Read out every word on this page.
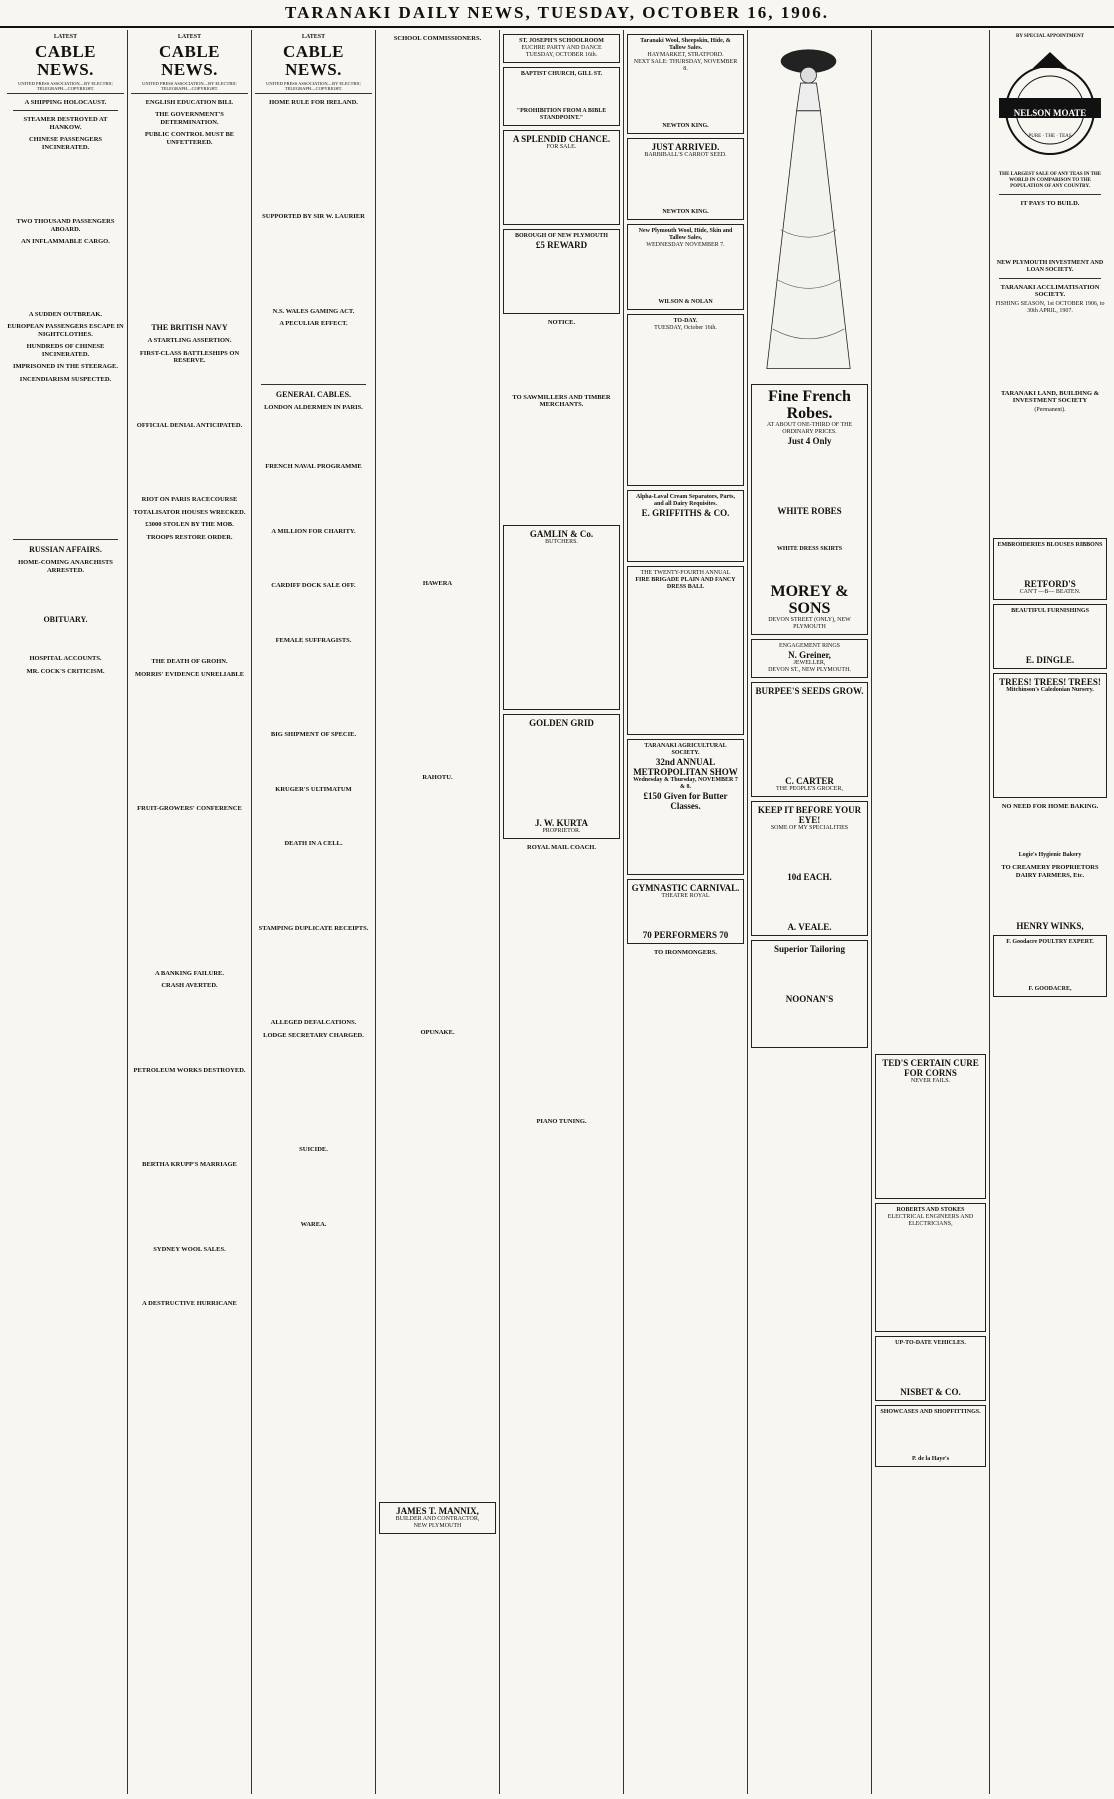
TARANAKI DAILY NEWS, TUESDAY, OCTOBER 16, 1906.
LATEST
CABLE NEWS.
UNITED PRESS ASSOCIATION—BY ELECTRIC TELEGRAPH—COPYRIGHT.
A SHIPPING HOLOCAUST.
STEAMER DESTROYED AT HANKOW.
CHINESE PASSENGERS INCINERATED.
TWO THOUSAND PASSENGERS ABOARD.
AN INFLAMMABLE CARGO.
A SUDDEN OUTBREAK.
EUROPEAN PASSENGERS ESCAPE IN NIGHTCLOTHES.
HUNDREDS OF CHINESE INCINERATED.
IMPRISONED IN THE STEERAGE.
INCENDIARISM SUSPECTED.
RUSSIAN AFFAIRS.
HOME-COMING ANARCHISTS ARRESTED.
OBITUARY.
HOSPITAL ACCOUNTS.
MR. COCK'S CRITICISM.
LATEST
CABLE NEWS.
UNITED PRESS ASSOCIATION—BY ELECTRIC TELEGRAPH—COPYRIGHT.
ENGLISH EDUCATION BILL
THE GOVERNMENT'S DETERMINATION.
PUBLIC CONTROL MUST BE UNFETTERED.
THE BRITISH NAVY
A STARTLING ASSERTION.
FIRST-CLASS BATTLESHIPS ON RESERVE.
OFFICIAL DENIAL ANTICIPATED.
RIOT ON PARIS RACECOURSE
TOTALISATOR HOUSES WRECKED.
£3000 STOLEN BY THE MOB.
TROOPS RESTORE ORDER.
THE DEATH OF GROHN.
MORRIS' EVIDENCE UNRELIABLE
FRUIT-GROWERS' CONFERENCE
A BANKING FAILURE.
CRASH AVERTED.
PETROLEUM WORKS DESTROYED.
BERTHA KRUPP'S MARRIAGE
SYDNEY WOOL SALES.
A DESTRUCTIVE HURRICANE
LATEST
CABLE NEWS.
UNITED PRESS ASSOCIATION—BY ELECTRIC TELEGRAPH—COPYRIGHT.
HOME RULE FOR IRELAND.
SUPPORTED BY SIR W. LAURIER
N.S. WALES GAMING ACT.
A PECULIAR EFFECT.
GENERAL CABLES.
LONDON ALDERMEN IN PARIS.
FRENCH NAVAL PROGRAMME
A MILLION FOR CHARITY.
CARDIFF DOCK SALE OFF.
FEMALE SUFFRAGISTS.
BIG SHIPMENT OF SPECIE.
KRUGER'S ULTIMATUM
DEATH IN A CELL.
STAMPING DUPLICATE RECEIPTS.
ALLEGED DEFALCATIONS.
LODGE SECRETARY CHARGED.
SUICIDE.
WAREA.
SCHOOL COMMISSIONERS.
HAWERA
RAHOTU.
OPUNAKE.
JAMES T. MANNIX,
BUILDER AND CONTRACTOR,
NEW PLYMOUTH
ST. JOSEPH'S SCHOOLROOM
EUCHRE PARTY AND DANCE
TUESDAY, OCTOBER 16th.
BAPTIST CHURCH, GILL ST.
"PROHIBITION FROM A BIBLE STANDPOINT."
A SPLENDID CHANCE.
FOR SALE.
BOROUGH OF NEW PLYMOUTH
£5 REWARD
NOTICE.
TO SAWMILLERS AND TIMBER MERCHANTS.
GAMLIN & Co.
BUTCHERS.
GOLDEN GRID
J. W. KURTA
PROPRIETOR.
ROYAL MAIL COACH.
PIANO TUNING.
Taranaki Wool, Sheepskin, Hide, & Tallow Sales.
HAYMARKET, STRATFORD.
NEXT SALE: THURSDAY, NOVEMBER 8.
NEWTON KING.
JUST ARRIVED.
BARBIBALL'S CARROT SEED.
NEWTON KING.
New Plymouth Wool, Hide, Skin and Tallow Sales,
WEDNESDAY NOVEMBER 7.
WILSON & NOLAN
TO-DAY.
TUESDAY, October 16th.
Alpha-Laval Cream Separators, Parts, and all Dairy Requisites.
E. GRIFFITHS & CO.
THE TWENTY-FOURTH ANNUAL
FIRE BRIGADE PLAIN AND FANCY DRESS BALL
TARANAKI AGRICULTURAL SOCIETY.
32nd ANNUAL METROPOLITAN SHOW
Wednesday & Thursday, NOVEMBER 7 & 8.
£150 Given for Butter Classes.
GYMNASTIC CARNIVAL.
THEATRE ROYAL
70 PERFORMERS 70
TO IRONMONGERS.
Fine French Robes.
AT ABOUT ONE-THIRD OF THE ORDINARY PRICES.
Just 4 Only
WHITE ROBES
WHITE DRESS SKIRTS
MOREY & SONS
DEVON STREET (ONLY), NEW PLYMOUTH
ENGAGEMENT RINGS
N. Greiner,
JEWELLER,
DEVON ST., NEW PLYMOUTH.
BURPEE'S SEEDS GROW.
C. CARTER
THE PEOPLE'S GROCER,
KEEP IT BEFORE YOUR EYE!
SOME OF MY SPECIALITIES
10d EACH.
A. VEALE.
Superior Tailoring
NOONAN'S
TED'S CERTAIN CURE FOR CORNS
NEVER FAILS.
ROBERTS AND STOKES
ELECTRICAL ENGINEERS AND ELECTRICIANS,
UP-TO-DATE VEHICLES.
NISBET & CO.
SHOWCASES AND SHOPFITTINGS.
P. de la Haye's
BY SPECIAL APPOINTMENT
NELSON MOATE
PURE · THE · TEAS
THE LARGEST SALE OF ANY TEAS IN THE WORLD IN COMPARISON TO THE POPULATION OF ANY COUNTRY.
IT PAYS TO BUILD.
NEW PLYMOUTH INVESTMENT AND LOAN SOCIETY.
TARANAKI ACCLIMATISATION SOCIETY.
FISHING SEASON, 1st OCTOBER 1906, to 30th APRIL, 1907.
TARANAKI LAND, BUILDING & INVESTMENT SOCIETY
(Permanent).
EMBROIDERIES BLOUSES RIBBONS
RETFORD'S
CAN'T —B— BEATEN.
BEAUTIFUL FURNISHINGS
E. DINGLE.
TREES! TREES! TREES!
Mitchinson's Caledonian Nursery.
NO NEED FOR HOME BAKING.
Logie's Hygienic Bakery
TO CREAMERY PROPRIETORS DAIRY FARMERS, Etc.
HENRY WINKS,
F. Goodacre POULTRY EXPERT.
F. GOODACRE,
